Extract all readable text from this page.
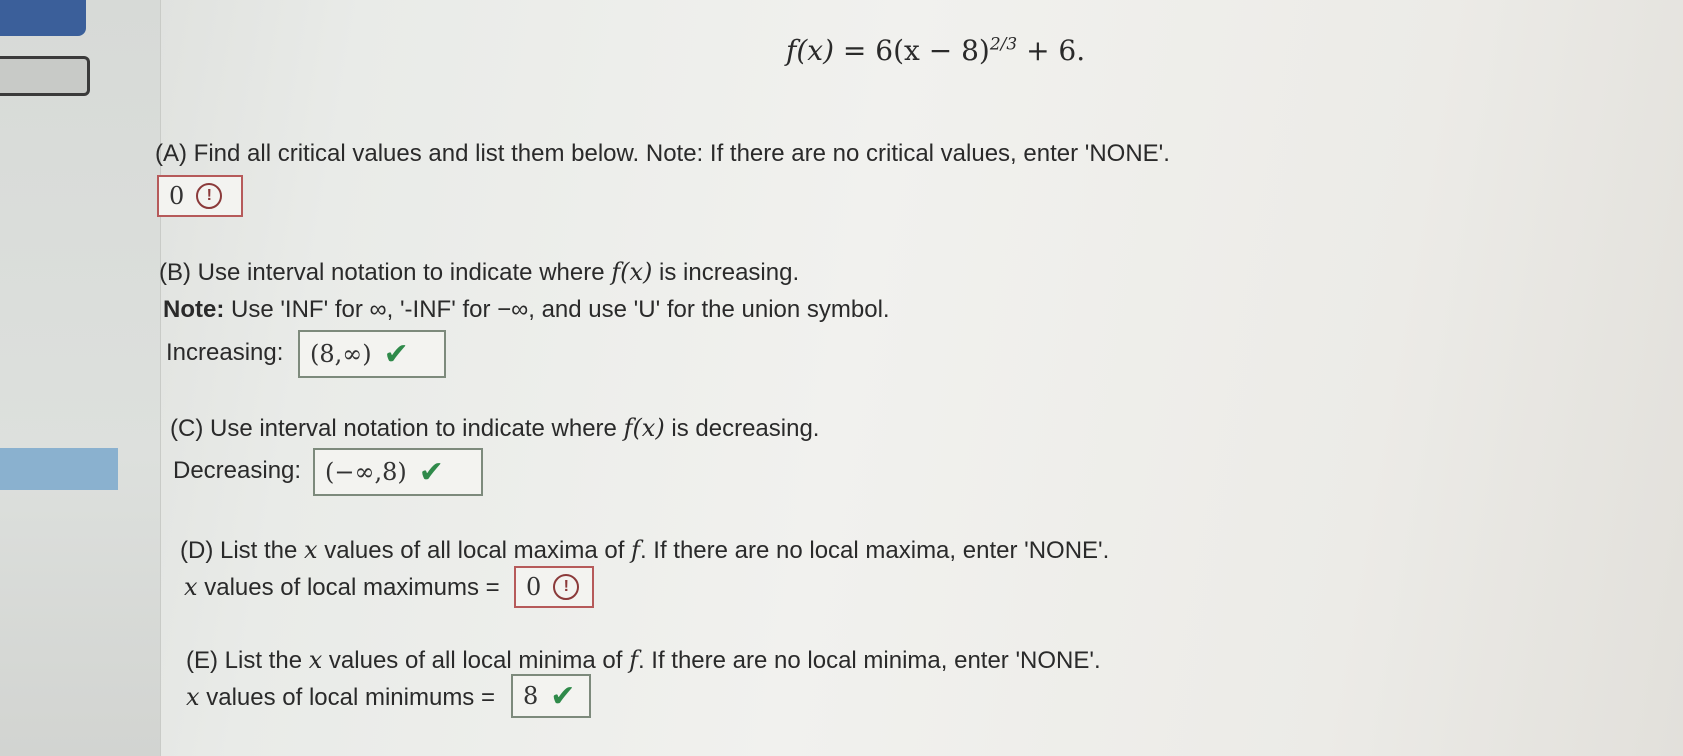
$f(x) = 6(x - 8)^{2/3} + 6$.
(A) Find all critical values and list them below. Note: If there are no critical values, enter 'NONE'.
0	!
(B) Use interval notation to indicate where f(x) is increasing.
Note: Use 'INF' for ∞, '-INF' for −∞, and use 'U' for the union symbol.
Increasing: (8,∞) ✔
(C) Use interval notation to indicate where f(x) is decreasing.
Decreasing: (−∞,8) ✔
(D) List the x values of all local maxima of f. If there are no local maxima, enter 'NONE'.
x values of local maximums = 0	!
(E) List the x values of all local minima of f. If there are no local minima, enter 'NONE'.
x values of local minimums = 8 ✔
